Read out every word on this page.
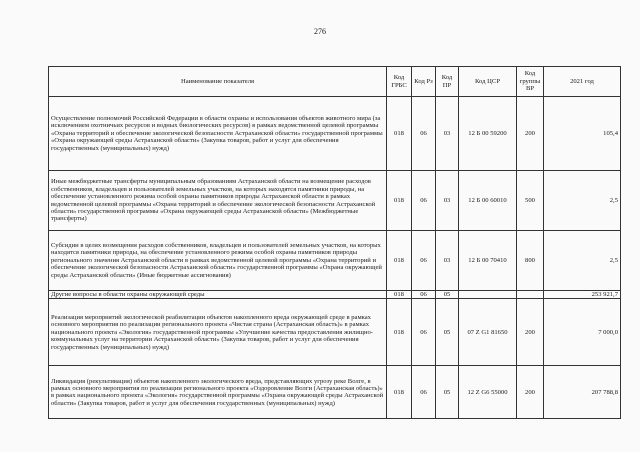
276
Наименование показателя	Код ГРБС	Код Рз	Код ПР	Код ЦСР	Код группы ВР	2021 год
Осуществление полномочий Российской Федерации в области охраны и использования объектов животного мира (за исключением охотничьих ресурсов и водных биологических ресурсов) в рамках ведомственной целевой программы «Охрана территорий и обеспечение экологической безопасности Астраханской области» государственной программы «Охрана окружающей среды Астраханской области» (Закупка товаров, работ и услуг для обеспечения государственных (муниципальных) нужд)	018	06	03	12 Б 00 59200	200	105,4
Иные межбюджетные трансферты муниципальным образованиям Астраханской области на возмещение расходов собственников, владельцев и пользователей земельных участков, на которых находятся памятники природы, на обеспечение установленного режима особой охраны памятников природы Астраханской области в рамках ведомственной целевой программы «Охрана территорий и обеспечение экологической безопасности Астраханской области» государственной программы «Охрана окружающей среды Астраханской области» (Межбюджетные трансферты)	018	06	03	12 Б 00 60010	500	2,5
Субсидии в целях возмещения расходов собственников, владельцев и пользователей земельных участков, на которых находятся памятники природы, на обеспечение установленного режима особой охраны памятников природы регионального значения Астраханской области в рамках ведомственной целевой программы «Охрана территорий и обеспечение экологической безопасности Астраханской области» государственной программы «Охрана окружающей среды Астраханской области» (Иные бюджетные ассигнования)	018	06	03	12 Б 00 70410	800	2,5
Другие вопросы в области охраны окружающей среды	018	06	05			253 921,7
Реализация мероприятий экологической реабилитации объектов накопленного вреда окружающей среде в рамках основного мероприятия по реализации регионального проекта «Чистая страна (Астраханская область)» в рамках национального проекта «Экология» государственной программы «Улучшение качества предоставления жилищно-коммунальных услуг на территории Астраханской области» (Закупка товаров, работ и услуг для обеспечения государственных (муниципальных) нужд)	018	06	05	07 Z G1 81650	200	7 000,0
Ликвидация (рекультивация) объектов накопленного экологического вреда, представляющих угрозу реке Волге, в рамках основного мероприятия по реализации регионального проекта «Оздоровление Волги (Астраханская область)» в рамках национального проекта «Экология» государственной программы «Охрана окружающей среды Астраханской области» (Закупка товаров, работ и услуг для обеспечения государственных (муниципальных) нужд)	018	06	05	12 Z G6 55000	200	207 788,8
